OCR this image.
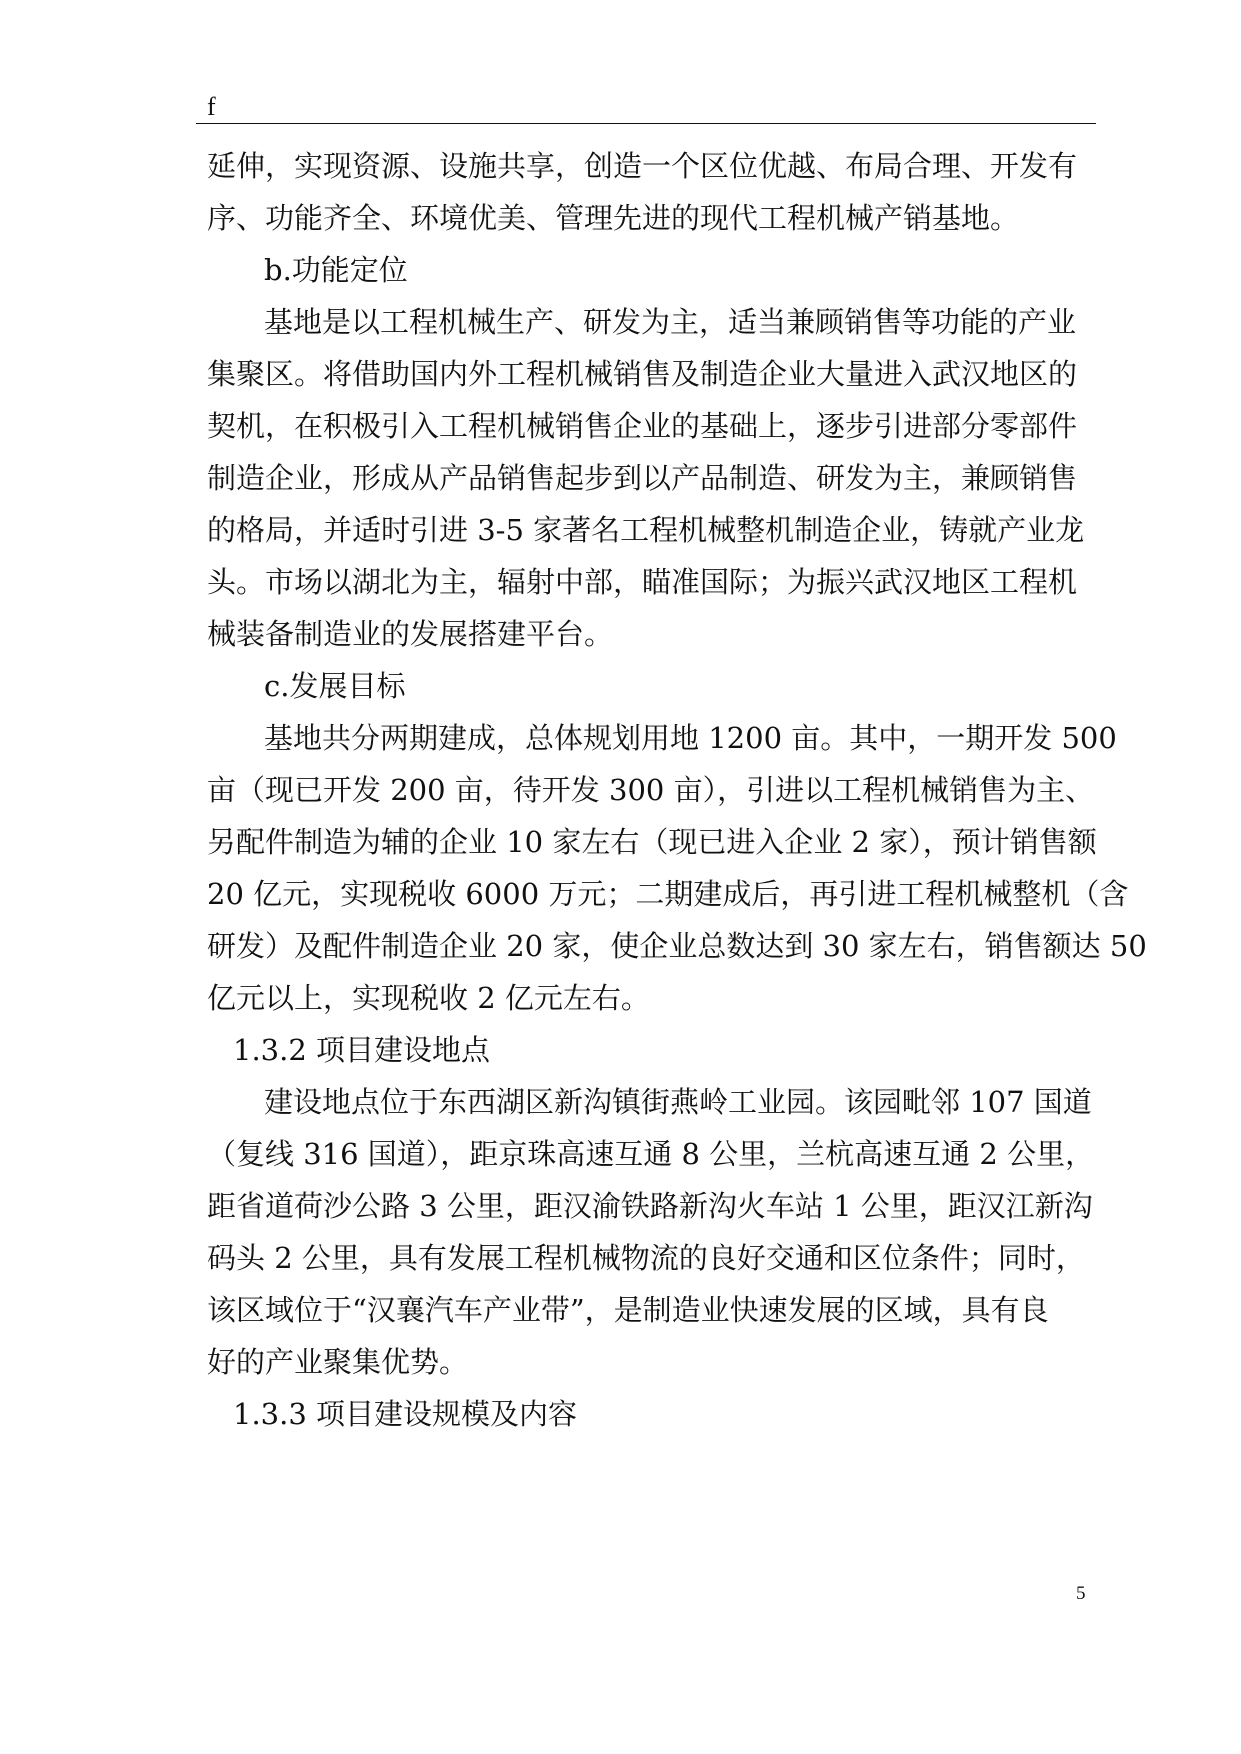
f
延伸，实现资源、设施共享，创造一个区位优越、布局合理、开发有
序、功能齐全、环境优美、管理先进的现代工程机械产销基地。
b.功能定位
基地是以工程机械生产、研发为主，适当兼顾销售等功能的产业
集聚区。将借助国内外工程机械销售及制造企业大量进入武汉地区的
契机，在积极引入工程机械销售企业的基础上，逐步引进部分零部件
制造企业，形成从产品销售起步到以产品制造、研发为主，兼顾销售
的格局，并适时引进 3-5 家著名工程机械整机制造企业，铸就产业龙
头。市场以湖北为主，辐射中部，瞄准国际；为振兴武汉地区工程机
械装备制造业的发展搭建平台。
c.发展目标
基地共分两期建成，总体规划用地 1200 亩。其中，一期开发 500
亩（现已开发 200 亩，待开发 300 亩），引进以工程机械销售为主、
另配件制造为辅的企业 10 家左右（现已进入企业 2 家），预计销售额
20 亿元，实现税收 6000 万元；二期建成后，再引进工程机械整机（含
研发）及配件制造企业 20 家，使企业总数达到 30 家左右，销售额达 50
亿元以上，实现税收 2 亿元左右。
1.3.2 项目建设地点
建设地点位于东西湖区新沟镇街燕岭工业园。该园毗邻 107 国道
（复线 316 国道），距京珠高速互通 8 公里，兰杭高速互通 2 公里，
距省道荷沙公路 3 公里，距汉渝铁路新沟火车站 1 公里，距汉江新沟
码头 2 公里，具有发展工程机械物流的良好交通和区位条件；同时，
该区域位于“汉襄汽车产业带”，是制造业快速发展的区域，具有良
好的产业聚集优势。
1.3.3 项目建设规模及内容
5
